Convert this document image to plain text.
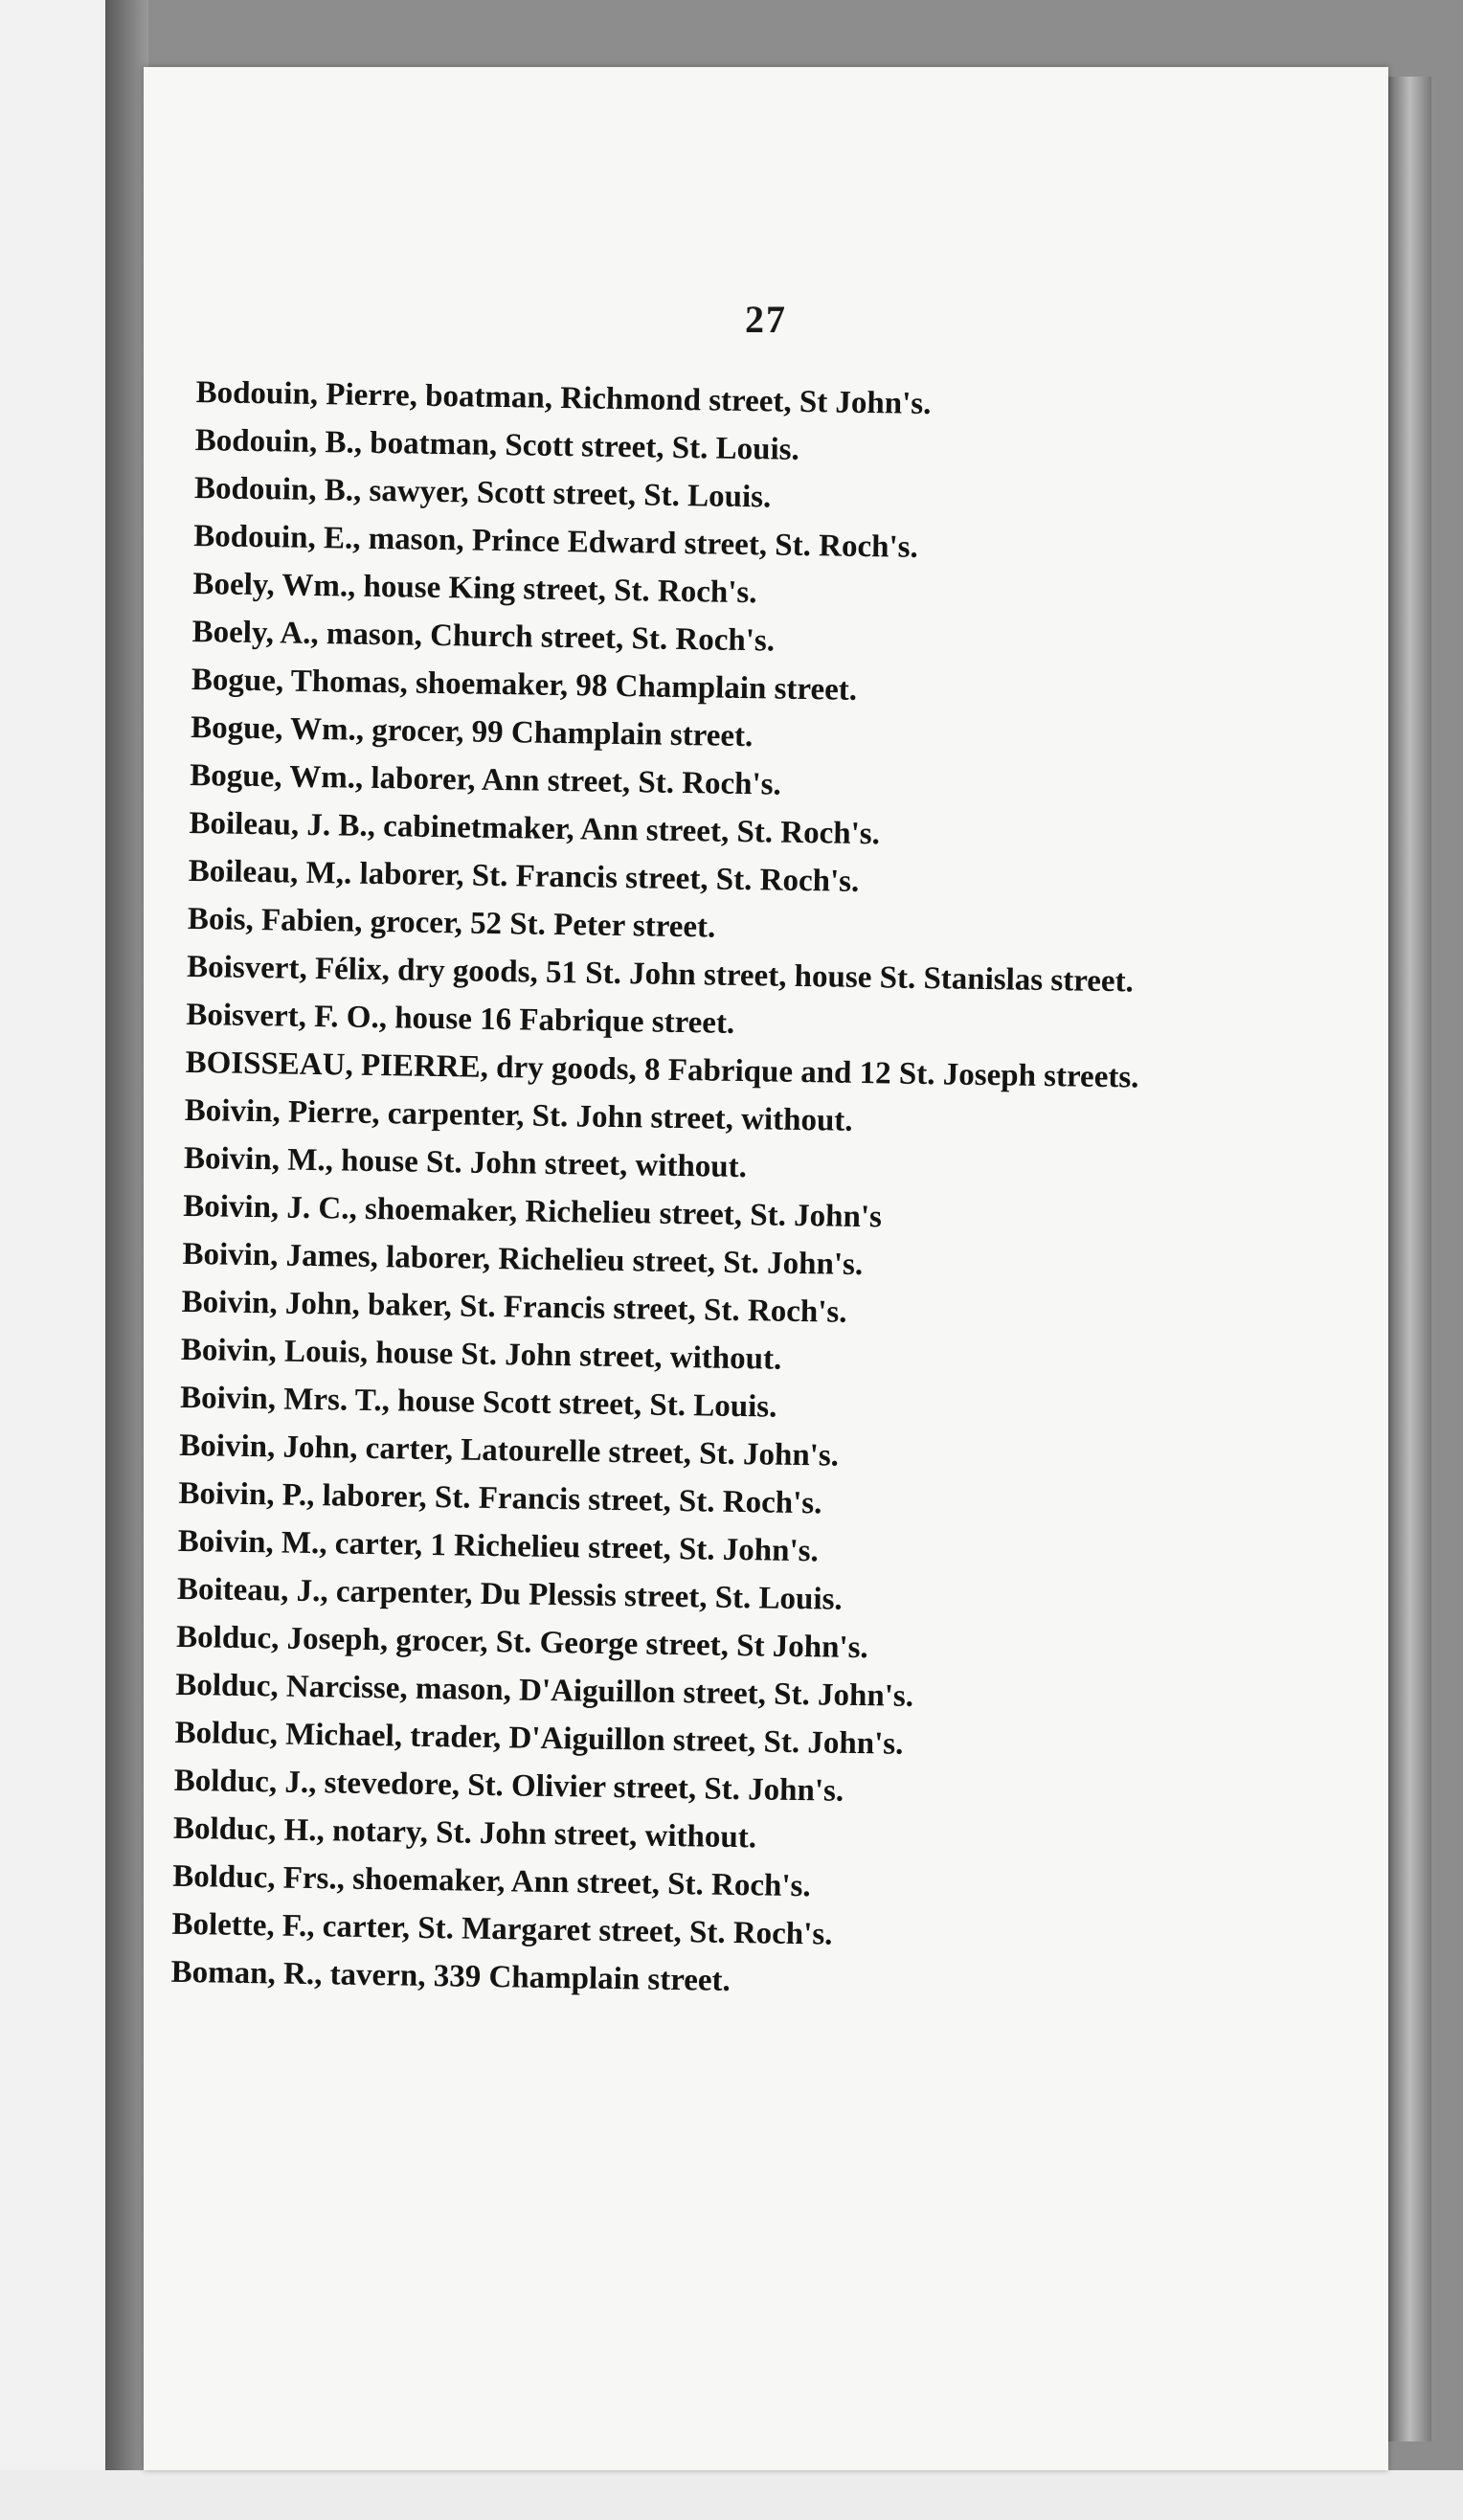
27
Bodouin, Pierre, boatman, Richmond street, St John's.
Bodouin, B., boatman, Scott street, St. Louis.
Bodouin, B., sawyer, Scott street, St. Louis.
Bodouin, E., mason, Prince Edward street, St. Roch's.
Boely, Wm., house King street, St. Roch's.
Boely, A., mason, Church street, St. Roch's.
Bogue, Thomas, shoemaker, 98 Champlain street.
Bogue, Wm., grocer, 99 Champlain street.
Bogue, Wm., laborer, Ann street, St. Roch's.
Boileau, J. B., cabinetmaker, Ann street, St. Roch's.
Boileau, M,. laborer, St. Francis street, St. Roch's.
Bois, Fabien, grocer, 52 St. Peter street.
Boisvert, Félix, dry goods, 51 St. John street, house St. Stanislas street.
Boisvert, F. O., house 16 Fabrique street.
BOISSEAU, PIERRE, dry goods, 8 Fabrique and 12 St. Joseph streets.
Boivin, Pierre, carpenter, St. John street, without.
Boivin, M., house St. John street, without.
Boivin, J. C., shoemaker, Richelieu street, St. John's
Boivin, James, laborer, Richelieu street, St. John's.
Boivin, John, baker, St. Francis street, St. Roch's.
Boivin, Louis, house St. John street, without.
Boivin, Mrs. T., house Scott street, St. Louis.
Boivin, John, carter, Latourelle street, St. John's.
Boivin, P., laborer, St. Francis street, St. Roch's.
Boivin, M., carter, 1 Richelieu street, St. John's.
Boiteau, J., carpenter, Du Plessis street, St. Louis.
Bolduc, Joseph, grocer, St. George street, St John's.
Bolduc, Narcisse, mason, D'Aiguillon street, St. John's.
Bolduc, Michael, trader, D'Aiguillon street, St. John's.
Bolduc, J., stevedore, St. Olivier street, St. John's.
Bolduc, H., notary, St. John street, without.
Bolduc, Frs., shoemaker, Ann street, St. Roch's.
Bolette, F., carter, St. Margaret street, St. Roch's.
Boman, R., tavern, 339 Champlain street.
